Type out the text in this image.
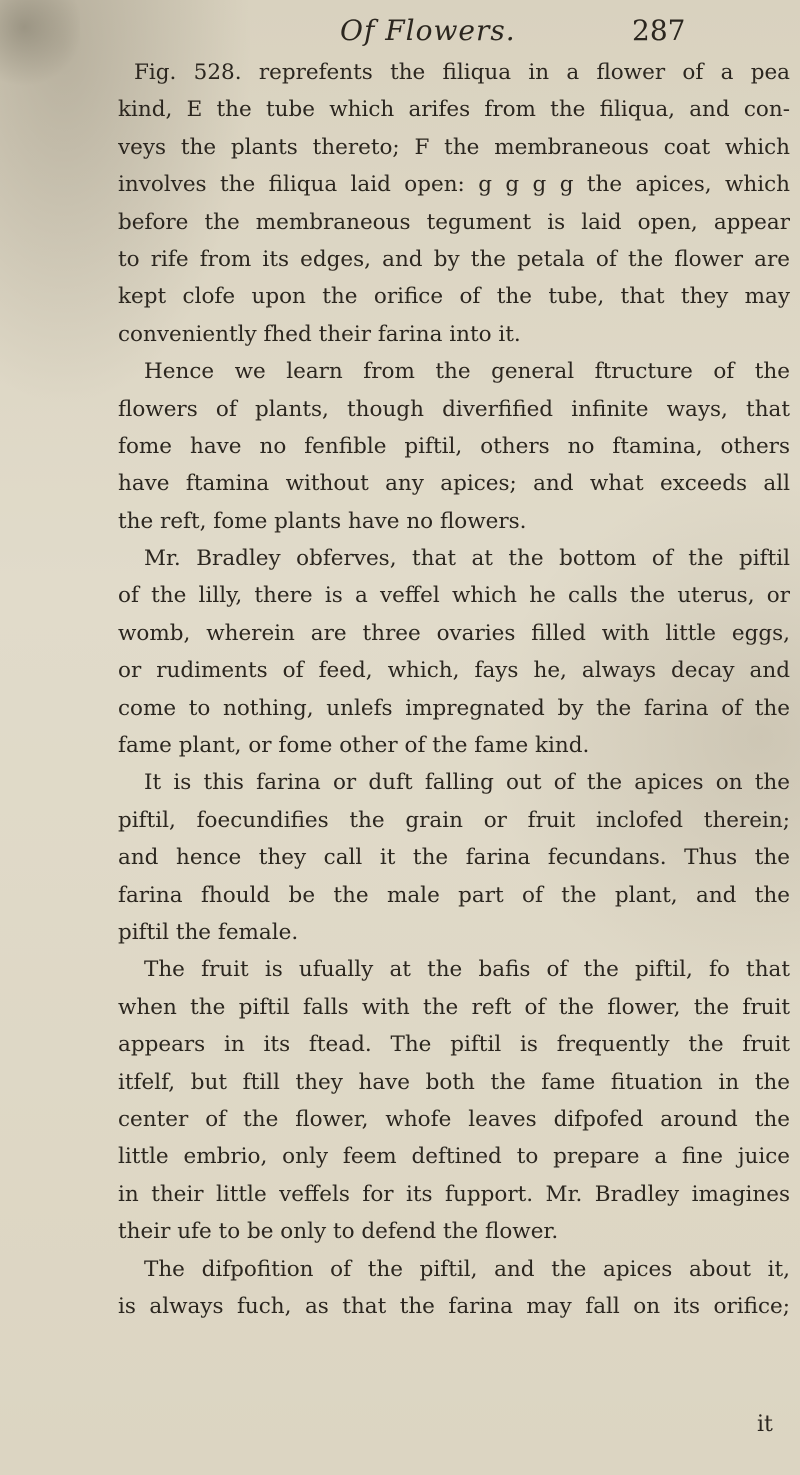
Of Flowers.	287
Fig. 528. reprefents the filiqua in a flower of a pea
kind, E the tube which arifes from the filiqua, and con-
veys the plants thereto; F the membraneous coat which
involves the filiqua laid open: g g g g the apices, which
before the membraneous tegument is laid open, appear
to rife from its edges, and by the petala of the flower are
kept clofe upon the orifice of the tube, that they may
conveniently fhed their farina into it.
Hence we learn from the general ftructure of the
flowers of plants, though diverfified infinite ways, that
fome have no fenfible piftil, others no ftamina, others
have ftamina without any apices; and what exceeds all
the reft, fome plants have no flowers.
Mr. Bradley obferves, that at the bottom of the piftil
of the lilly, there is a veffel which he calls the uterus, or
womb, wherein are three ovaries filled with little eggs,
or rudiments of feed, which, fays he, always decay and
come to nothing, unlefs impregnated by the farina of the
fame plant, or fome other of the fame kind.
It is this farina or duft falling out of the apices on the
piftil, foecundifies the grain or fruit inclofed therein;
and hence they call it the farina fecundans. Thus the
farina fhould be the male part of the plant, and the
piftil the female.
The fruit is ufually at the bafis of the piftil, fo that
when the piftil falls with the reft of the flower, the fruit
appears in its ftead. The piftil is frequently the fruit
itfelf, but ftill they have both the fame fituation in the
center of the flower, whofe leaves difpofed around the
little embrio, only feem deftined to prepare a fine juice
in their little veffels for its fupport. Mr. Bradley imagines
their ufe to be only to defend the flower.
The difpofition of the piftil, and the apices about it,
is always fuch, as that the farina may fall on its orifice;
it
